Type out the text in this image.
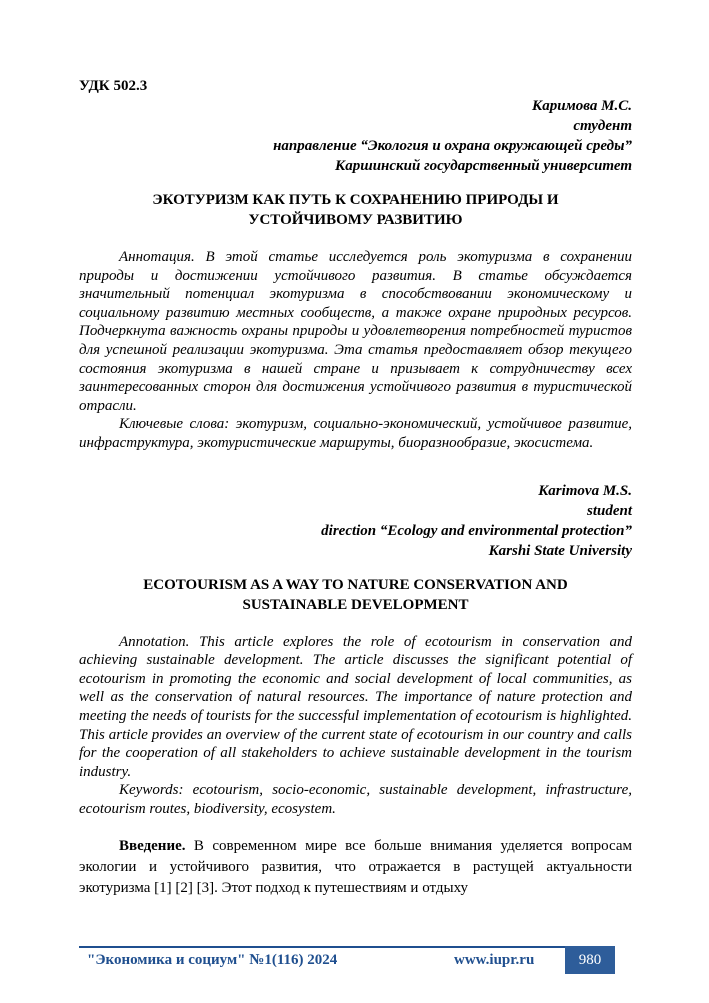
УДК 502.3

Каримова М.С.
студент
направление “Экология и охрана окружающей среды”
Каршинский государственный университет
ЭКОТУРИЗМ КАК ПУТЬ К СОХРАНЕНИЮ ПРИРОДЫ И
УСТОЙЧИВОМУ РАЗВИТИЮ

Аннотация. В этой статье исследуется роль экотуризма в сохранении природы и достижении устойчивого развития. В статье обсуждается значительный потенциал экотуризма в способствовании экономическому и социальному развитию местных сообществ, а также охране природных ресурсов. Подчеркнута важность охраны природы и удовлетворения потребностей туристов для успешной реализации экотуризма. Эта статья предоставляет обзор текущего состояния экотуризма в нашей стране и призывает к сотрудничеству всех заинтересованных сторон для достижения устойчивого развития в туристической отрасли.

Ключевые слова: экотуризм, социально-экономический, устойчивое развитие, инфраструктура, экотуристические маршруты, биоразнообразие, экосистема.

Karimova M.S.
student
direction “Ecology and environmental protection”
Karshi State University
ECOTOURISM AS A WAY TO NATURE CONSERVATION AND
SUSTAINABLE DEVELOPMENT

Annotation. This article explores the role of ecotourism in conservation and achieving sustainable development. The article discusses the significant potential of ecotourism in promoting the economic and social development of local communities, as well as the conservation of natural resources. The importance of nature protection and meeting the needs of tourists for the successful implementation of ecotourism is highlighted. This article provides an overview of the current state of ecotourism in our country and calls for the cooperation of all stakeholders to achieve sustainable development in the tourism industry.

Keywords: ecotourism, socio-economic, sustainable development, infrastructure, ecotourism routes, biodiversity, ecosystem.

Введение. В современном мире все больше внимания уделяется вопросам экологии и устойчивого развития, что отражается в растущей актуальности экотуризма [1] [2] [3]. Этот подход к путешествиям и отдыху

"Экономика и социум" №1(116) 2024	www.iupr.ru	980
